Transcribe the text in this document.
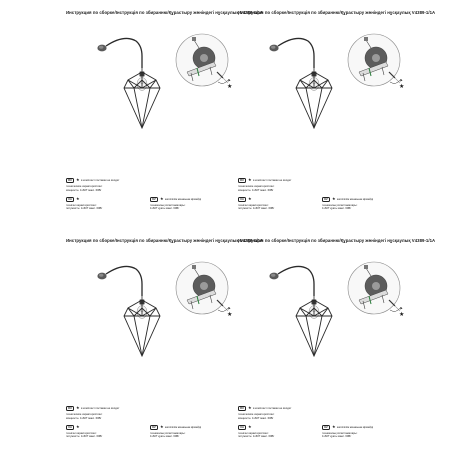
Инструкция по сборке/Інструкція по збиранню/Құрастыру жөніндегі нұсқаулық V4389-1/1A
★
RU ★ в комплект поставки не входит
технические характеристики:
мощность: 1х60Т макс. 60Вт
UA ★
технічні характеристики:
потужність: 1х60Т макс. 60Вт
KZ	★ жеткізілім жинағына кірмейді
техникалық сипаттамалары:
1х60Т қуаты макс. 60Вт
Инструкция по сборке/Інструкція по збиранню/Құрастыру жөніндегі нұсқаулық V4389-1/1A
★
RU ★ в комплект поставки не входит
технические характеристики:
мощность: 1х60Т макс. 60Вт
UA ★
технічні характеристики:
потужність: 1х60Т макс. 60Вт
KZ	★ жеткізілім жинағына кірмейді
техникалық сипаттамалары:
1х60Т қуаты макс. 60Вт
Инструкция по сборке/Інструкція по збиранню/Құрастыру жөніндегі нұсқаулық V4389-1/1A
★
RU ★ в комплект поставки не входит
технические характеристики:
мощность: 1х60Т макс. 60Вт
UA ★
технічні характеристики:
потужність: 1х60Т макс. 60Вт
KZ	★ жеткізілім жинағына кірмейді
техникалық сипаттамалары:
1х60Т қуаты макс. 60Вт
Инструкция по сборке/Інструкція по збиранню/Құрастыру жөніндегі нұсқаулық V4389-1/1A
★
RU ★ в комплект поставки не входит
технические характеристики:
мощность: 1х60Т макс. 60Вт
UA ★
технічні характеристики:
потужність: 1х60Т макс. 60Вт
KZ	★ жеткізілім жинағына кірмейді
техникалық сипаттамалары:
1х60Т қуаты макс. 60Вт
